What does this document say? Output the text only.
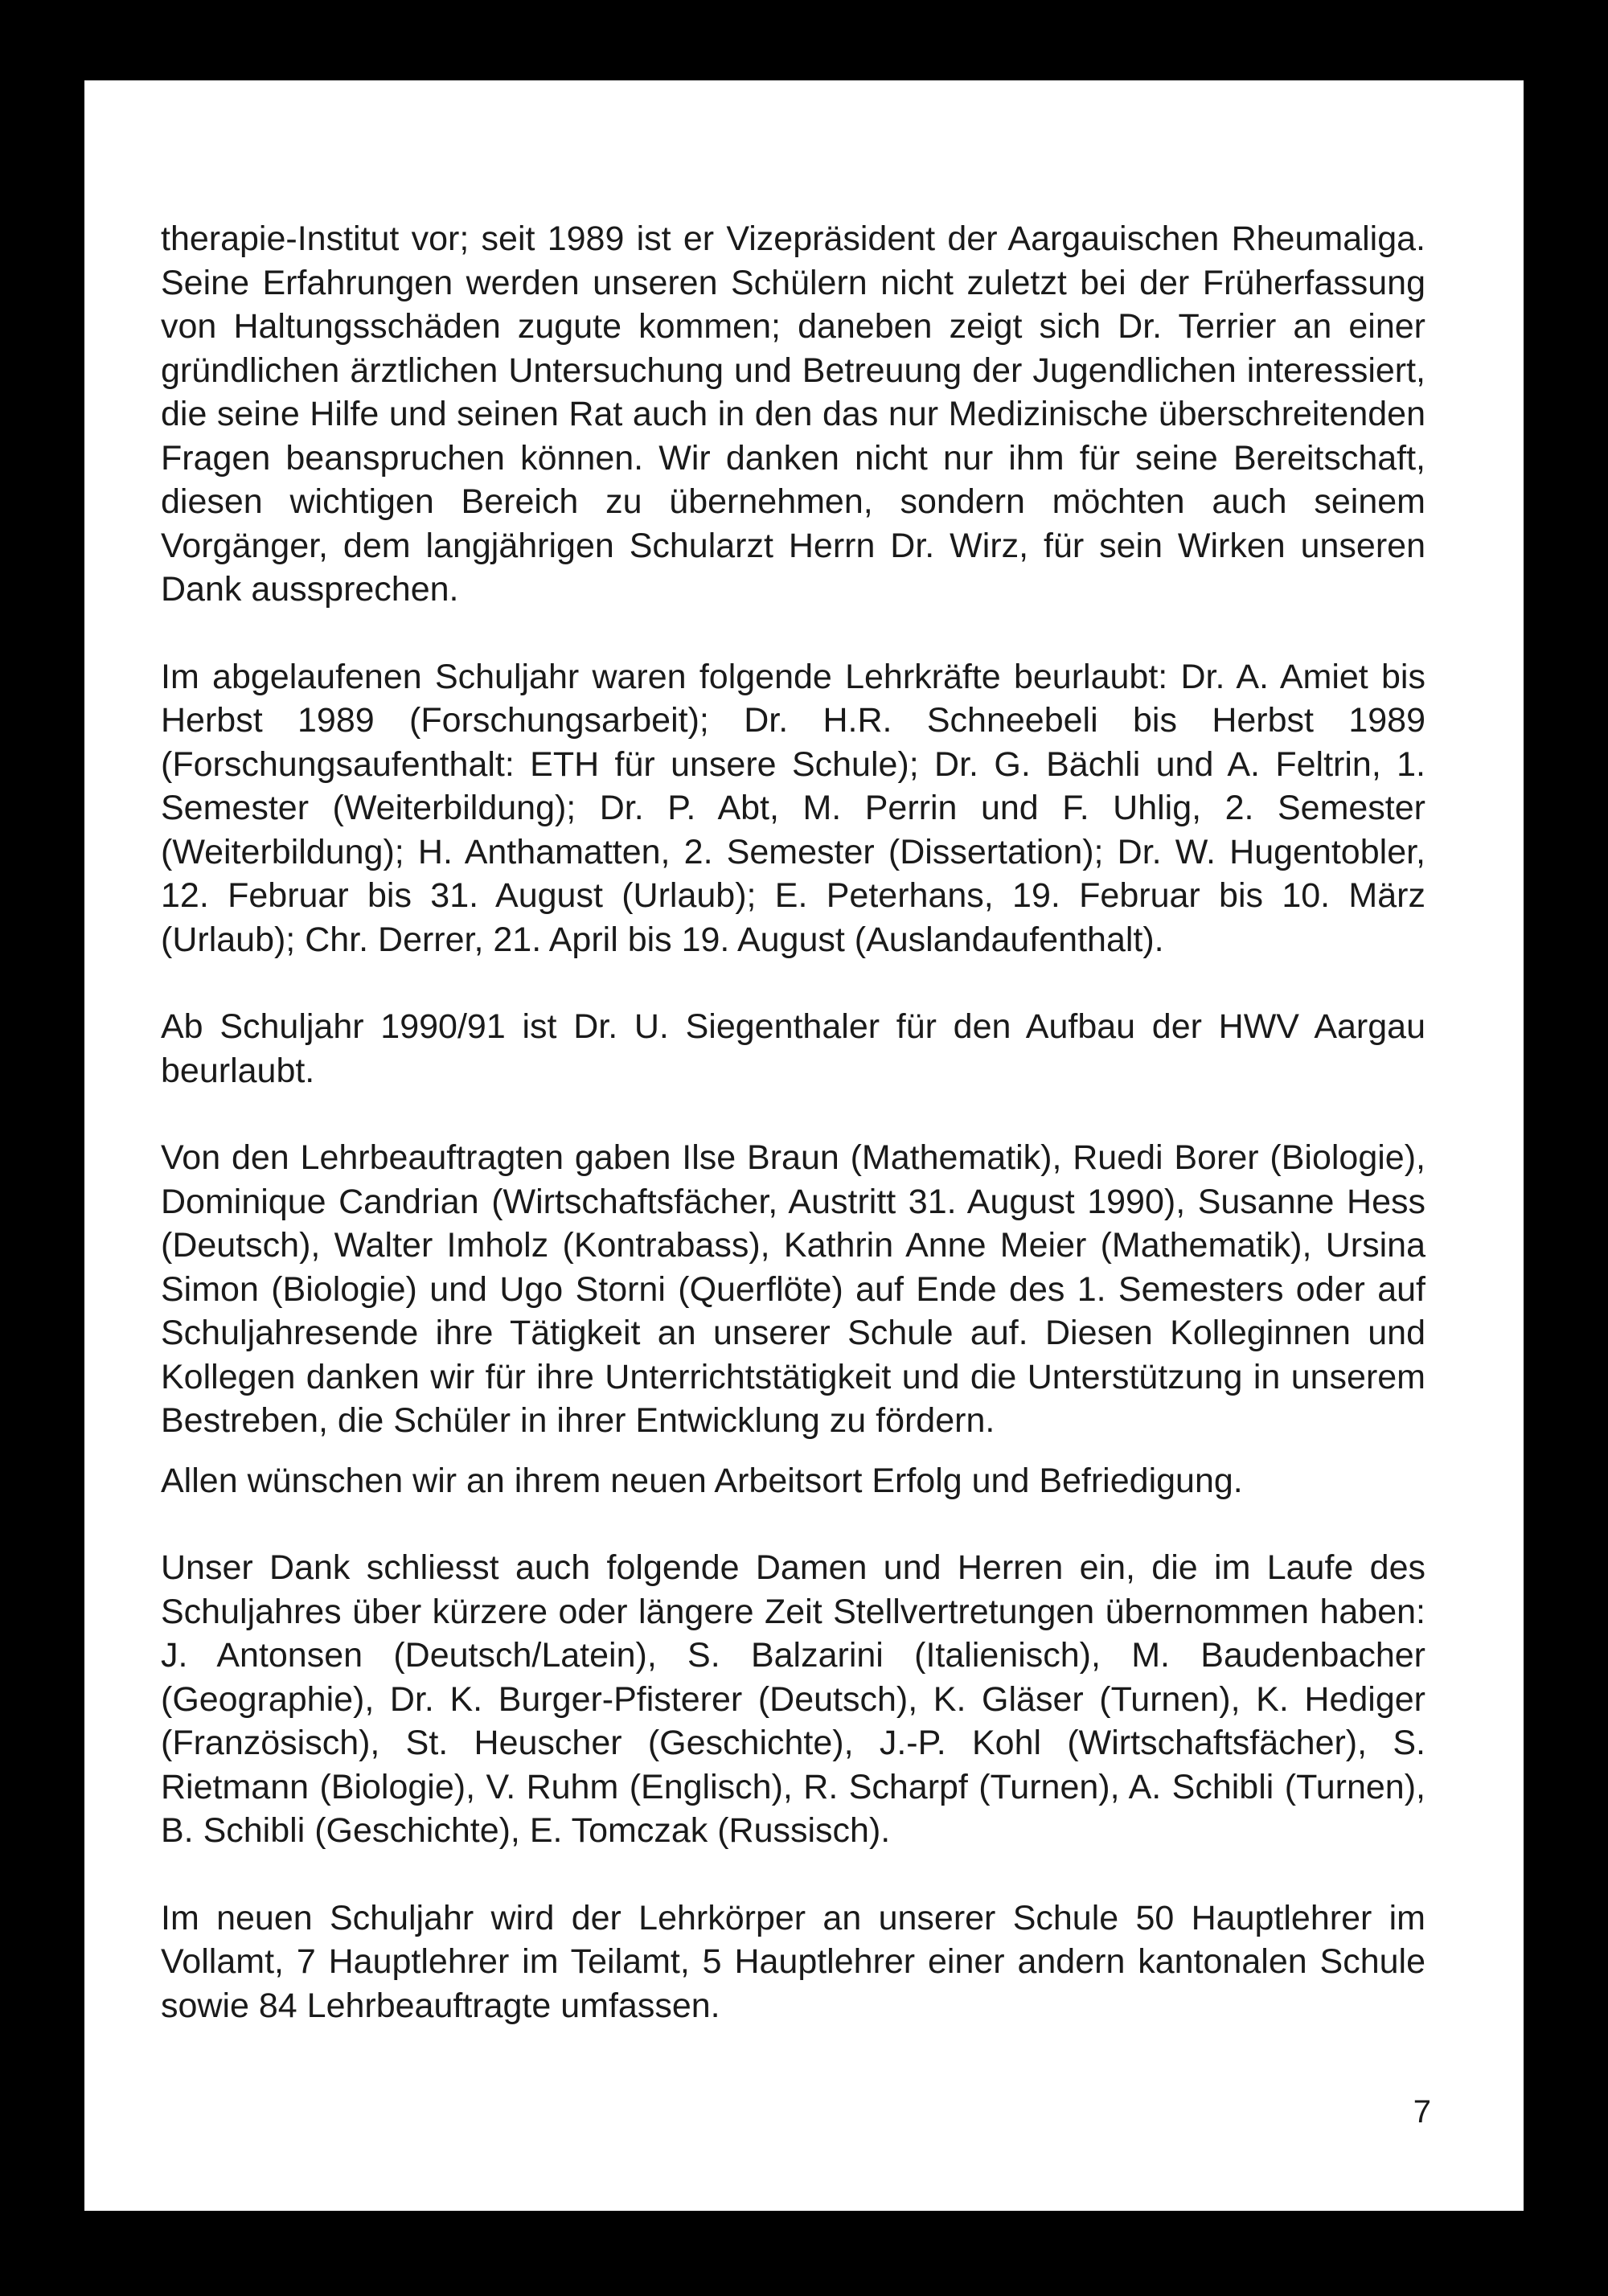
therapie-Institut vor; seit 1989 ist er Vizepräsident der Aargauischen Rheumaliga. Seine Erfahrungen werden unseren Schülern nicht zuletzt bei der Früherfassung von Haltungsschäden zugute kommen; daneben zeigt sich Dr. Terrier an einer gründlichen ärztlichen Untersuchung und Betreuung der Jugendlichen interessiert, die seine Hilfe und seinen Rat auch in den das nur Medizinische überschreitenden Fragen beanspruchen können. Wir danken nicht nur ihm für seine Bereitschaft, diesen wichtigen Bereich zu übernehmen, sondern möchten auch seinem Vorgänger, dem langjährigen Schularzt Herrn Dr. Wirz, für sein Wirken unseren Dank aussprechen.

Im abgelaufenen Schuljahr waren folgende Lehrkräfte beurlaubt: Dr. A. Amiet bis Herbst 1989 (Forschungsarbeit); Dr. H.R. Schneebeli bis Herbst 1989 (Forschungsaufenthalt: ETH für unsere Schule); Dr. G. Bächli und A. Feltrin, 1. Semester (Weiterbildung); Dr. P. Abt, M. Perrin und F. Uhlig, 2. Semester (Weiterbildung); H. Anthamatten, 2. Semester (Dissertation); Dr. W. Hugentobler, 12. Februar bis 31. August (Urlaub); E. Peterhans, 19. Februar bis 10. März (Urlaub); Chr. Derrer, 21. April bis 19. August (Auslandaufenthalt).

Ab Schuljahr 1990/91 ist Dr. U. Siegenthaler für den Aufbau der HWV Aargau beurlaubt.

Von den Lehrbeauftragten gaben Ilse Braun (Mathematik), Ruedi Borer (Biologie), Dominique Candrian (Wirtschaftsfächer, Austritt 31. August 1990), Susanne Hess (Deutsch), Walter Imholz (Kontrabass), Kathrin Anne Meier (Mathematik), Ursina Simon (Biologie) und Ugo Storni (Querflöte) auf Ende des 1. Semesters oder auf Schuljahresende ihre Tätigkeit an unserer Schule auf. Diesen Kolleginnen und Kollegen danken wir für ihre Unterrichtstätigkeit und die Unterstützung in unserem Bestreben, die Schüler in ihrer Entwicklung zu fördern.

Allen wünschen wir an ihrem neuen Arbeitsort Erfolg und Befriedigung.

Unser Dank schliesst auch folgende Damen und Herren ein, die im Laufe des Schuljahres über kürzere oder längere Zeit Stellvertretungen übernommen haben: J. Antonsen (Deutsch/Latein), S. Balzarini (Italienisch), M. Baudenbacher (Geographie), Dr. K. Burger-Pfisterer (Deutsch), K. Gläser (Turnen), K. Hediger (Französisch), St. Heuscher (Geschichte), J.-P. Kohl (Wirtschaftsfächer), S. Rietmann (Biologie), V. Ruhm (Englisch), R. Scharpf (Turnen), A. Schibli (Turnen), B. Schibli (Geschichte), E. Tomczak (Russisch).

Im neuen Schuljahr wird der Lehrkörper an unserer Schule 50 Hauptlehrer im Vollamt, 7 Hauptlehrer im Teilamt, 5 Hauptlehrer einer andern kantonalen Schule sowie 84 Lehrbeauftragte umfassen.

7
